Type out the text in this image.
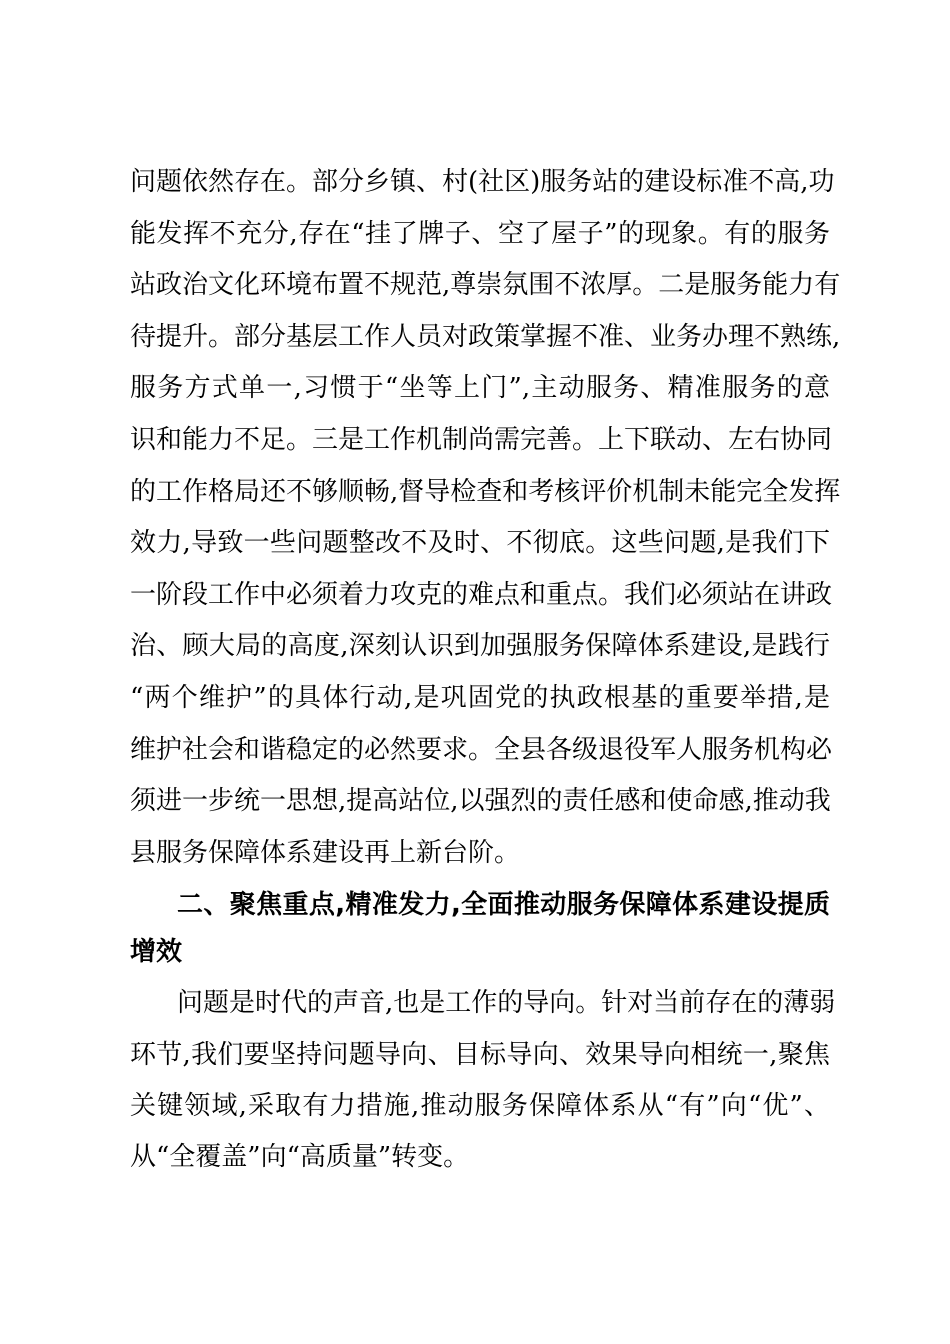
问题依然存在。部分乡镇、村(社区)服务站的建设标准不高,功
能发挥不充分,存在“挂了牌子、空了屋子”的现象。有的服务
站政治文化环境布置不规范,尊崇氛围不浓厚。二是服务能力有
待提升。部分基层工作人员对政策掌握不准、业务办理不熟练,
服务方式单一,习惯于“坐等上门”,主动服务、精准服务的意
识和能力不足。三是工作机制尚需完善。上下联动、左右协同
的工作格局还不够顺畅,督导检查和考核评价机制未能完全发挥
效力,导致一些问题整改不及时、不彻底。这些问题,是我们下
一阶段工作中必须着力攻克的难点和重点。我们必须站在讲政
治、顾大局的高度,深刻认识到加强服务保障体系建设,是践行
“两个维护”的具体行动,是巩固党的执政根基的重要举措,是
维护社会和谐稳定的必然要求。全县各级退役军人服务机构必
须进一步统一思想,提高站位,以强烈的责任感和使命感,推动我
县服务保障体系建设再上新台阶。
二、聚焦重点,精准发力,全面推动服务保障体系建设提质
增效
问题是时代的声音,也是工作的导向。针对当前存在的薄弱
环节,我们要坚持问题导向、目标导向、效果导向相统一,聚焦
关键领域,采取有力措施,推动服务保障体系从“有”向“优”、
从“全覆盖”向“高质量”转变。
